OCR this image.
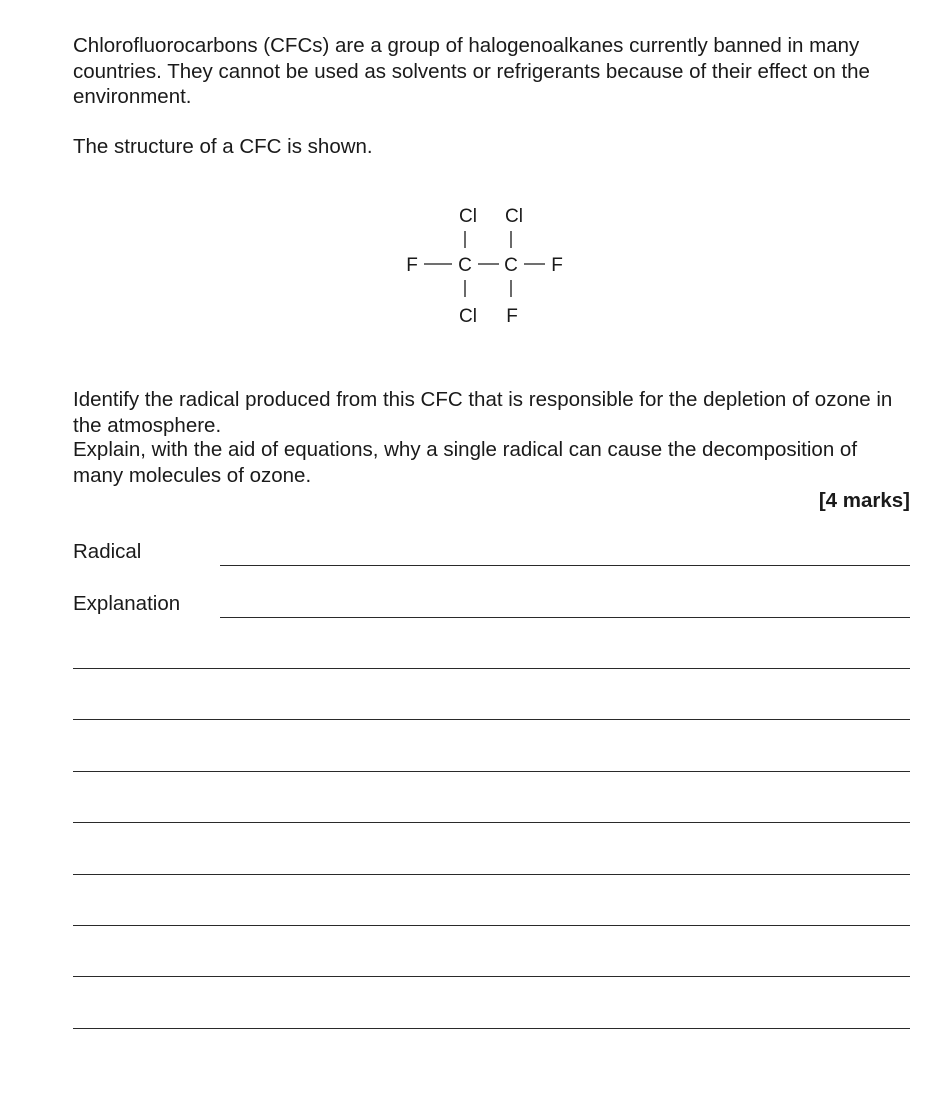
Chlorofluorocarbons (CFCs) are a group of halogenoalkanes currently banned in many countries. They cannot be used as solvents or refrigerants because of their effect on the environment.

The structure of a CFC is shown.

Cl Cl
F C C F
Cl F

Identify the radical produced from this CFC that is responsible for the depletion of ozone in the atmosphere.

Explain, with the aid of equations, why a single radical can cause the decomposition of many molecules of ozone.

[4 marks]
Radical
Explanation
